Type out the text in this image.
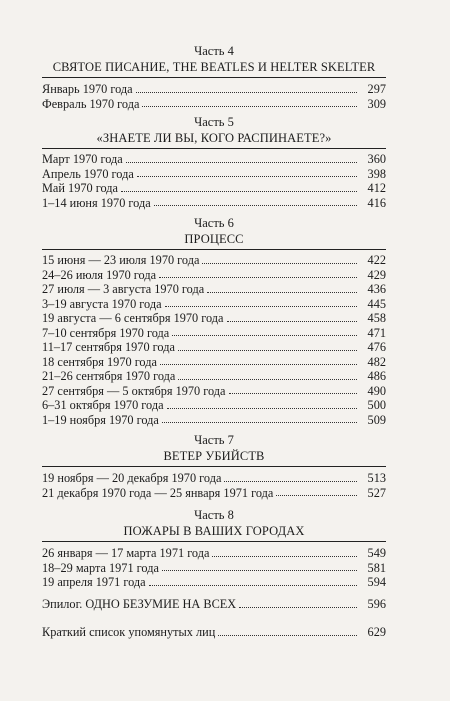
Часть 4
СВЯТОЕ ПИСАНИЕ, THE BEATLES И HELTER SKELTER
Январь 1970 года	297
Февраль 1970 года	309
Часть 5
«ЗНАЕТЕ ЛИ ВЫ, КОГО РАСПИНАЕТЕ?»
Март 1970 года	360
Апрель 1970 года	398
Май 1970 года	412
1–14 июня 1970 года	416
Часть 6
ПРОЦЕСС
15 июня — 23 июля 1970 года	422
24–26 июля 1970 года	429
27 июля — 3 августа 1970 года	436
3–19 августа 1970 года	445
19 августа — 6 сентября 1970 года	458
7–10 сентября 1970 года	471
11–17 сентября 1970 года	476
18 сентября 1970 года	482
21–26 сентября 1970 года	486
27 сентября — 5 октября 1970 года	490
6–31 октября 1970 года	500
1–19 ноября 1970 года	509
Часть 7
ВЕТЕР УБИЙСТВ
19 ноября — 20 декабря 1970 года	513
21 декабря 1970 года — 25 января 1971 года	527
Часть 8
ПОЖАРЫ В ВАШИХ ГОРОДАХ
26 января — 17 марта 1971 года	549
18–29 марта 1971 года	581
19 апреля 1971 года	594
Эпилог. ОДНО БЕЗУМИЕ НА ВСЕХ	596
Краткий список упомянутых лиц	629
